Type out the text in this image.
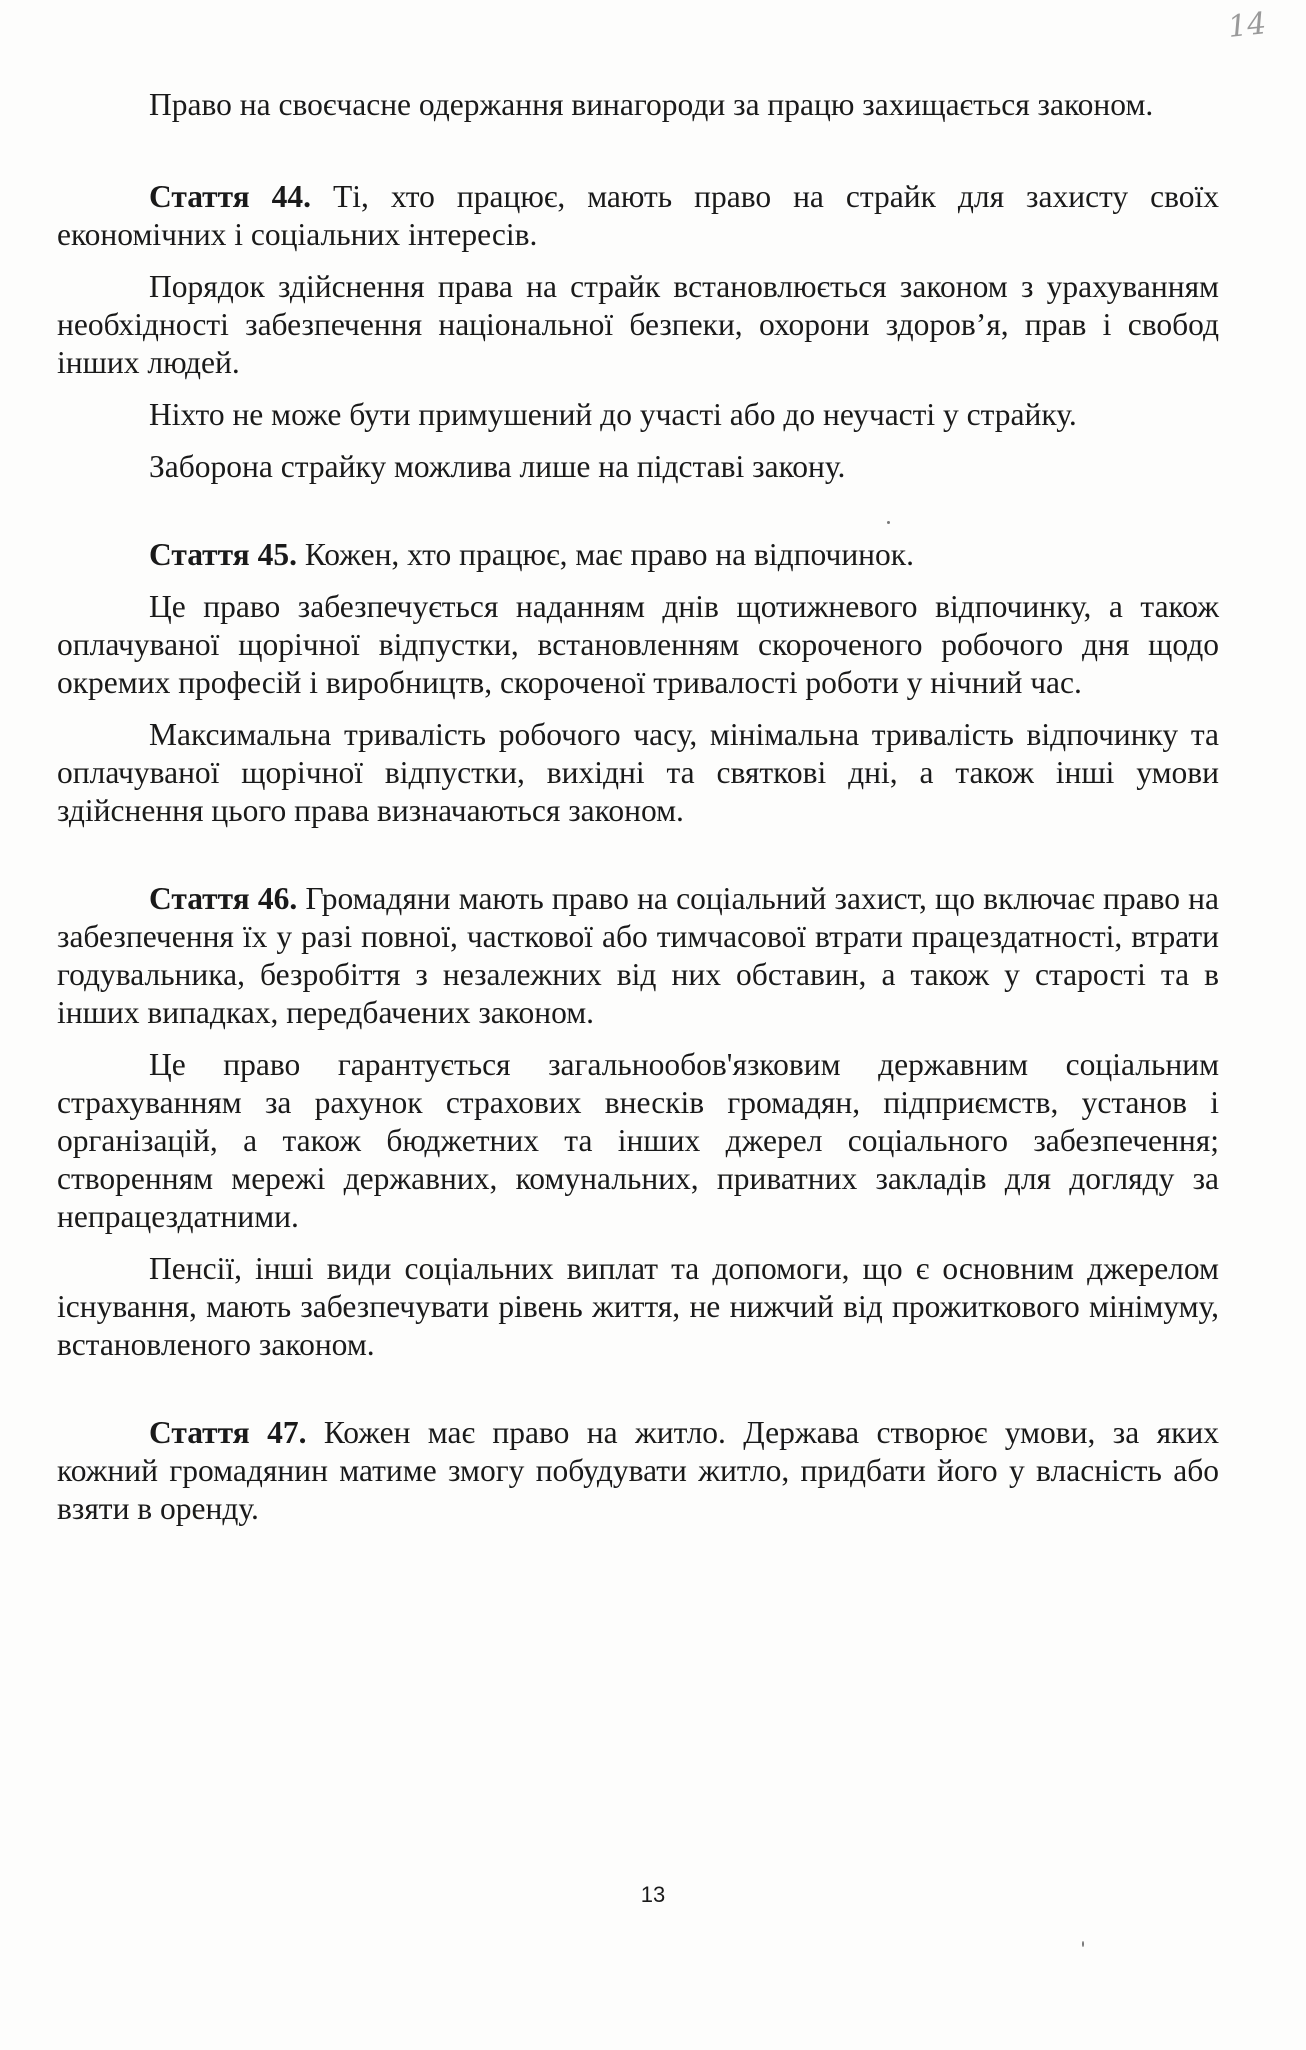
14

Право на своєчасне одержання винагороди за працю захищається законом.

Стаття 44. Ті, хто працює, мають право на страйк для захисту своїх економічних і соціальних інтересів.

Порядок здійснення права на страйк встановлюється законом з урахуванням необхідності забезпечення національної безпеки, охорони здоров’я, прав і свобод інших людей.

Ніхто не може бути примушений до участі або до неучасті у страйку.

Заборона страйку можлива лише на підставі закону.

Стаття 45. Кожен, хто працює, має право на відпочинок.

Це право забезпечується наданням днів щотижневого відпочинку, а також оплачуваної щорічної відпустки, встановленням скороченого робочого дня щодо окремих професій і виробництв, скороченої тривалості роботи у нічний час.

Максимальна тривалість робочого часу, мінімальна тривалість відпочинку та оплачуваної щорічної відпустки, вихідні та святкові дні, а також інші умови здійснення цього права визначаються законом.

Стаття 46. Громадяни мають право на соціальний захист, що включає право на забезпечення їх у разі повної, часткової або тимчасової втрати працездатності, втрати годувальника, безробіття з незалежних від них обставин, а також у старості та в інших випадках, передбачених законом.

Це право гарантується загальнообов'язковим державним соціальним страхуванням за рахунок страхових внесків громадян, підприємств, установ і організацій, а також бюджетних та інших джерел соціального забезпечення; створенням мережі державних, комунальних, приватних закладів для догляду за непрацездатними.

Пенсії, інші види соціальних виплат та допомоги, що є основним джерелом існування, мають забезпечувати рівень життя, не нижчий від прожиткового мінімуму, встановленого законом.

Стаття 47. Кожен має право на житло. Держава створює умови, за яких кожний громадянин матиме змогу побудувати житло, придбати його у власність або взяти в оренду.

13
